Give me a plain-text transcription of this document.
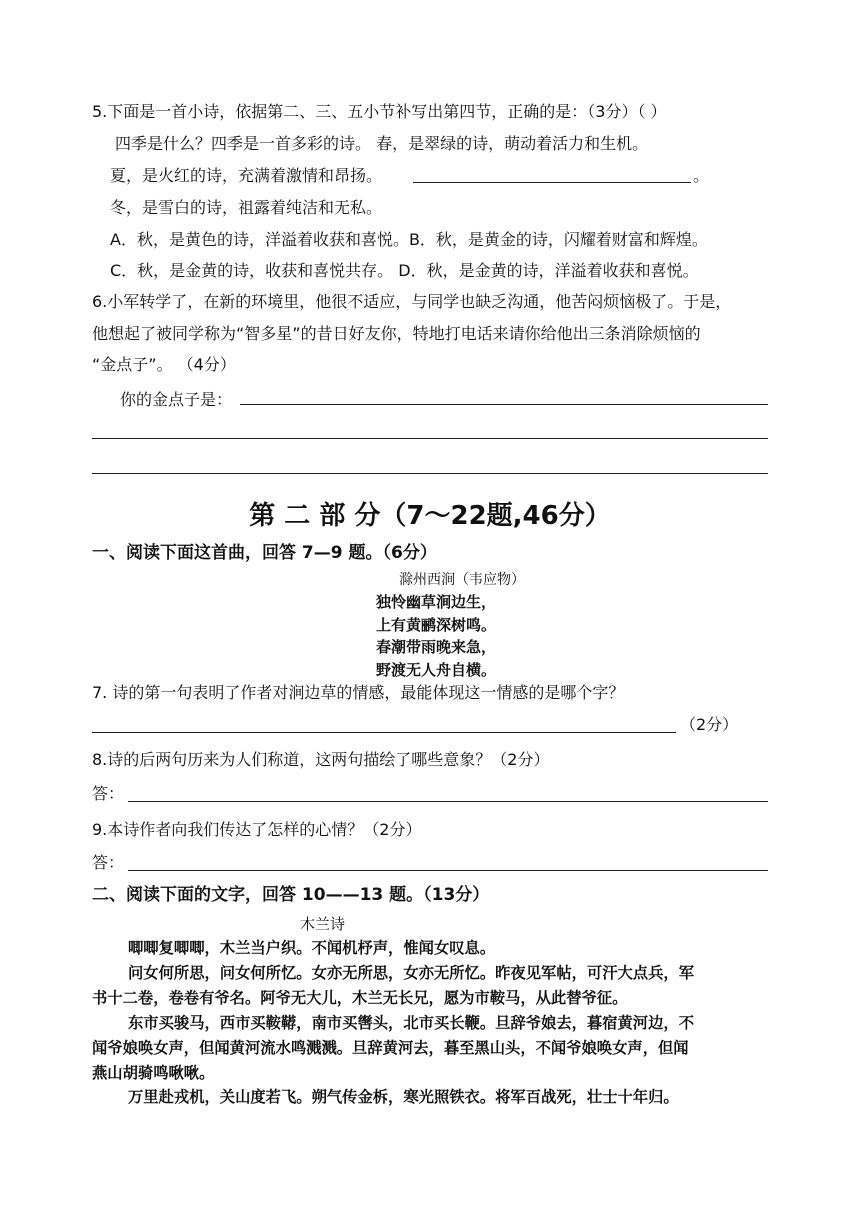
5.下面是一首小诗，依据第二、三、五小节补写出第四节，正确的是：（3分）（ ）
四季是什么？四季是一首多彩的诗。 春，是翠绿的诗，萌动着活力和生机。
夏，是火红的诗，充满着激情和昂扬。	。
冬，是雪白的诗，祖露着纯洁和无私。
A．秋，是黄色的诗，洋溢着收获和喜悦。B．秋，是黄金的诗，闪耀着财富和辉煌。
C．秋，是金黄的诗，收获和喜悦共存。 D．秋，是金黄的诗，洋溢着收获和喜悦。
6.小军转学了，在新的环境里，他很不适应，与同学也缺乏沟通，他苦闷烦恼极了。于是，
他想起了被同学称为“智多星”的昔日好友你，特地打电话来请你给他出三条消除烦恼的
“金点子”。 （4分）
你的金点子是：
第 二 部 分（7～22题,46分）
一、阅读下面这首曲，回答 7—9 题。（6分）
滁州西涧（韦应物）
独怜幽草涧边生，
上有黄鹂深树鸣。
春潮带雨晚来急，
野渡无人舟自横。
7. 诗的第一句表明了作者对涧边草的情感，最能体现这一情感的是哪个字？
（2分）
8.诗的后两句历来为人们称道，这两句描绘了哪些意象？（2分）
答：
9.本诗作者向我们传达了怎样的心情？（2分）
答：
二、阅读下面的文字，回答 10——13 题。（13分）
木兰诗
唧唧复唧唧，木兰当户织。不闻机杼声，惟闻女叹息。
问女何所思，问女何所忆。女亦无所思，女亦无所忆。昨夜见军帖，可汗大点兵，军
书十二卷，卷卷有爷名。阿爷无大儿，木兰无长兄，愿为市鞍马，从此替爷征。
东市买骏马，西市买鞍鞯，南市买辔头，北市买长鞭。旦辞爷娘去，暮宿黄河边，不
闻爷娘唤女声，但闻黄河流水鸣溅溅。旦辞黄河去，暮至黑山头，不闻爷娘唤女声，但闻
燕山胡骑鸣啾啾。
万里赴戎机，关山度若飞。朔气传金柝，寒光照铁衣。将军百战死，壮士十年归。
